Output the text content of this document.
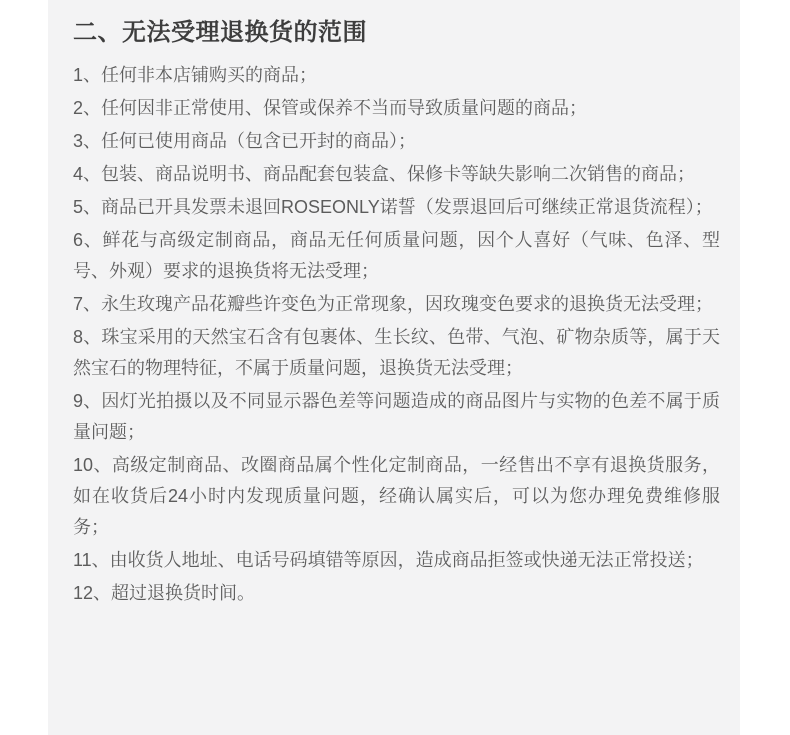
二、无法受理退换货的范围

1、任何非本店铺购买的商品；

2、任何因非正常使用、保管或保养不当而导致质量问题的商品；

3、任何已使用商品（包含已开封的商品）；

4、包装、商品说明书、商品配套包装盒、保修卡等缺失影响二次销售的商品；

5、商品已开具发票未退回ROSEONLY诺誓（发票退回后可继续正常退货流程）；

6、鲜花与高级定制商品，商品无任何质量问题，因个人喜好（气味、色泽、型号、外观）要求的退换货将无法受理；

7、永生玫瑰产品花瓣些许变色为正常现象，因玫瑰变色要求的退换货无法受理；

8、珠宝采用的天然宝石含有包裹体、生长纹、色带、气泡、矿物杂质等，属于天然宝石的物理特征，不属于质量问题，退换货无法受理；

9、因灯光拍摄以及不同显示器色差等问题造成的商品图片与实物的色差不属于质量问题；

10、高级定制商品、改圈商品属个性化定制商品，一经售出不享有退换货服务，如在收货后24小时内发现质量问题，经确认属实后，可以为您办理免费维修服务；

11、由收货人地址、电话号码填错等原因，造成商品拒签或快递无法正常投送；

12、超过退换货时间。
